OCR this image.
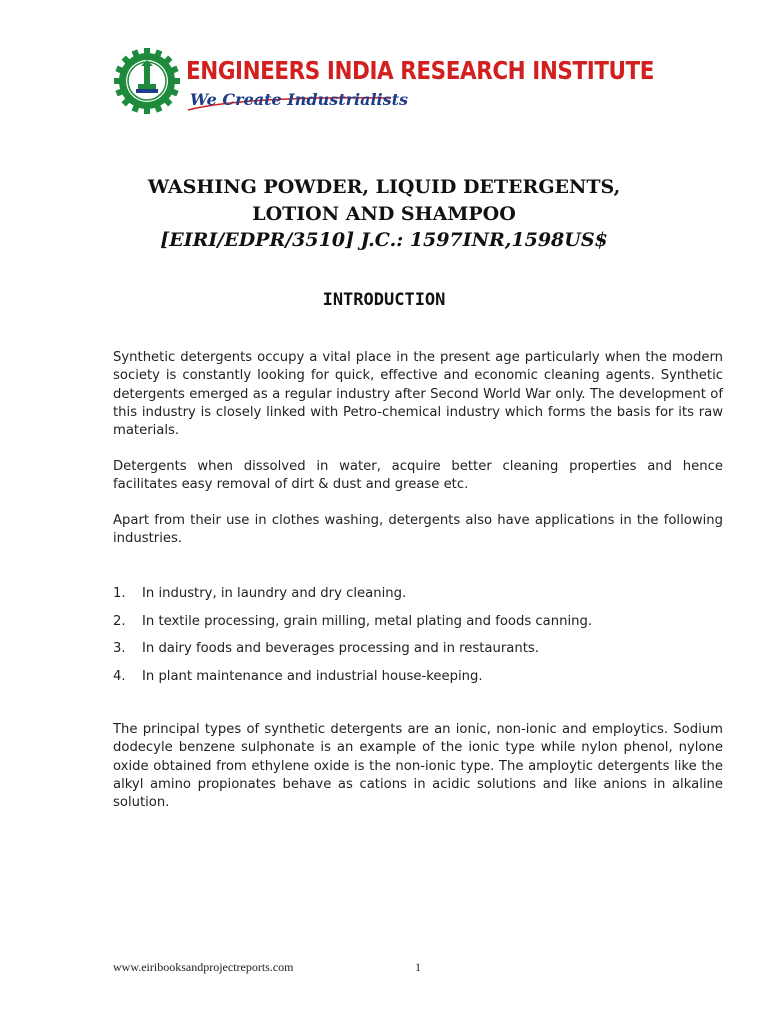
ENGINEERS INDIA RESEARCH INSTITUTE
We Create Industrialists
WASHING POWDER, LIQUID DETERGENTS,
LOTION AND SHAMPOO
[EIRI/EDPR/3510] J.C.: 1597INR,1598US$
INTRODUCTION

Synthetic detergents occupy a vital place in the present age particularly when the modern society is constantly looking for quick, effective and economic cleaning agents. Synthetic detergents emerged as a regular industry after Second World War only. The development of this industry is closely linked with Petro-chemical industry which forms the basis for its raw materials.

Detergents when dissolved in water, acquire better cleaning properties and hence facilitates easy removal of dirt & dust and grease etc.

Apart from their use in clothes washing, detergents also have applications in the following industries.

1. In industry, in laundry and dry cleaning.
2. In textile processing, grain milling, metal plating and foods canning.
3. In dairy foods and beverages processing and in restaurants.
4. In plant maintenance and industrial house-keeping.

The principal types of synthetic detergents are an ionic, non-ionic and employtics. Sodium dodecyle benzene sulphonate is an example of the ionic type while nylon phenol, nylone oxide obtained from ethylene oxide is the non-ionic type. The amploytic detergents like the alkyl amino propionates behave as cations in acidic solutions and like anions in alkaline solution.

www.eiribooksandprojectreports.com	1
